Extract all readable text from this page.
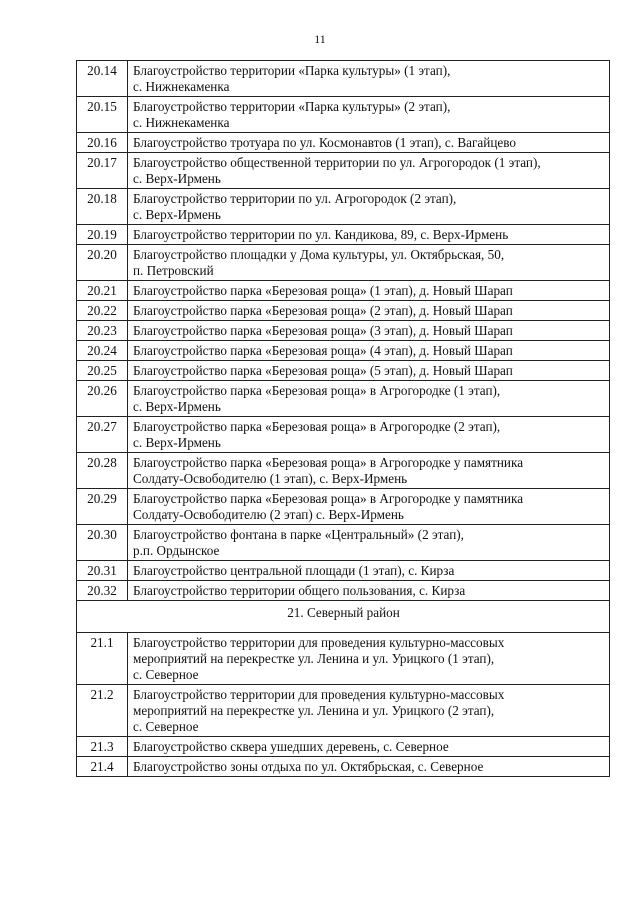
11
20.14	Благоустройство территории «Парка культуры» (1 этап),
с. Нижнекаменка
20.15	Благоустройство территории «Парка культуры» (2 этап),
с. Нижнекаменка
20.16	Благоустройство тротуара по ул. Космонавтов (1 этап), с. Вагайцево
20.17	Благоустройство общественной территории по ул. Агрогородок (1 этап),
с. Верх-Ирмень
20.18	Благоустройство территории по ул. Агрогородок (2 этап),
с. Верх-Ирмень
20.19	Благоустройство территории по ул. Кандикова, 89, с. Верх-Ирмень
20.20	Благоустройство площадки у Дома культуры, ул. Октябрьская, 50,
п. Петровский
20.21	Благоустройство парка «Березовая роща» (1 этап), д. Новый Шарап
20.22	Благоустройство парка «Березовая роща» (2 этап), д. Новый Шарап
20.23	Благоустройство парка «Березовая роща» (3 этап), д. Новый Шарап
20.24	Благоустройство парка «Березовая роща» (4 этап), д. Новый Шарап
20.25	Благоустройство парка «Березовая роща» (5 этап), д. Новый Шарап
20.26	Благоустройство парка «Березовая роща» в Агрогородке (1 этап),
с. Верх-Ирмень
20.27	Благоустройство парка «Березовая роща» в Агрогородке (2 этап),
с. Верх-Ирмень
20.28	Благоустройство парка «Березовая роща» в Агрогородке у памятника
Солдату-Освободителю (1 этап), с. Верх-Ирмень
20.29	Благоустройство парка «Березовая роща» в Агрогородке у памятника
Солдату-Освободителю (2 этап) с. Верх-Ирмень
20.30	Благоустройство фонтана в парке «Центральный» (2 этап),
р.п. Ордынское
20.31	Благоустройство центральной площади (1 этап), с. Кирза
20.32	Благоустройство территории общего пользования, с. Кирза
21. Северный район	
21.1	Благоустройство территории для проведения культурно-массовых
мероприятий на перекрестке ул. Ленина и ул. Урицкого (1 этап),
с. Северное
21.2	Благоустройство территории для проведения культурно-массовых
мероприятий на перекрестке ул. Ленина и ул. Урицкого (2 этап),
с. Северное
21.3	Благоустройство сквера ушедших деревень, с. Северное
21.4	Благоустройство зоны отдыха по ул. Октябрьская, с. Северное
